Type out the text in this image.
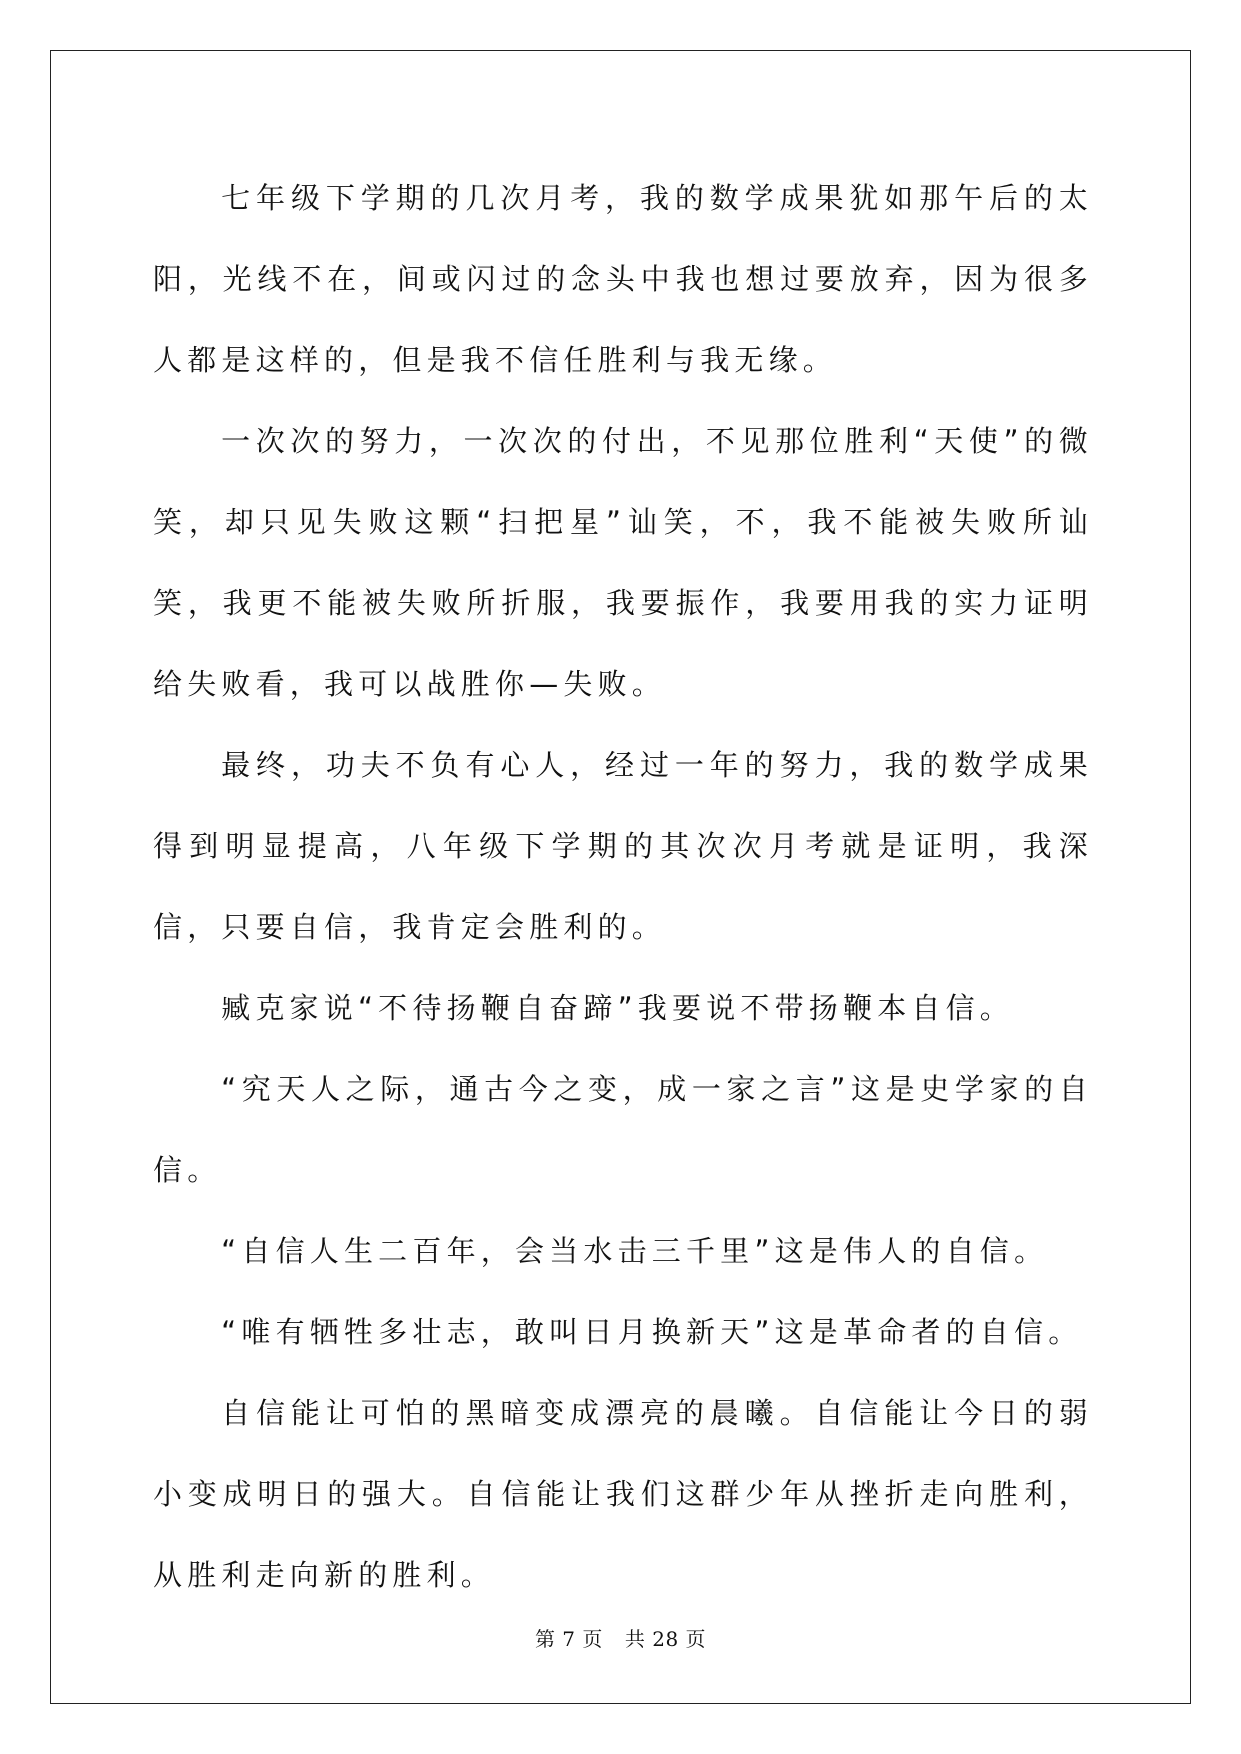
七年级下学期的几次月考，我的数学成果犹如那午后的太阳，光线不在，间或闪过的念头中我也想过要放弃，因为很多人都是这样的，但是我不信任胜利与我无缘。

一次次的努力，一次次的付出，不见那位胜利“天使”的微笑，却只见失败这颗“扫把星”讪笑，不，我不能被失败所讪笑，我更不能被失败所折服，我要振作，我要用我的实力证明给失败看，我可以战胜你—失败。

最终，功夫不负有心人，经过一年的努力，我的数学成果得到明显提高，八年级下学期的其次次月考就是证明，我深信，只要自信，我肯定会胜利的。

臧克家说“不待扬鞭自奋蹄”我要说不带扬鞭本自信。

“究天人之际，通古今之变，成一家之言”这是史学家的自信。

“自信人生二百年，会当水击三千里”这是伟人的自信。

“唯有牺牲多壮志，敢叫日月换新天”这是革命者的自信。

自信能让可怕的黑暗变成漂亮的晨曦。自信能让今日的弱小变成明日的强大。自信能让我们这群少年从挫折走向胜利，从胜利走向新的胜利。

第 7 页 共 28 页
